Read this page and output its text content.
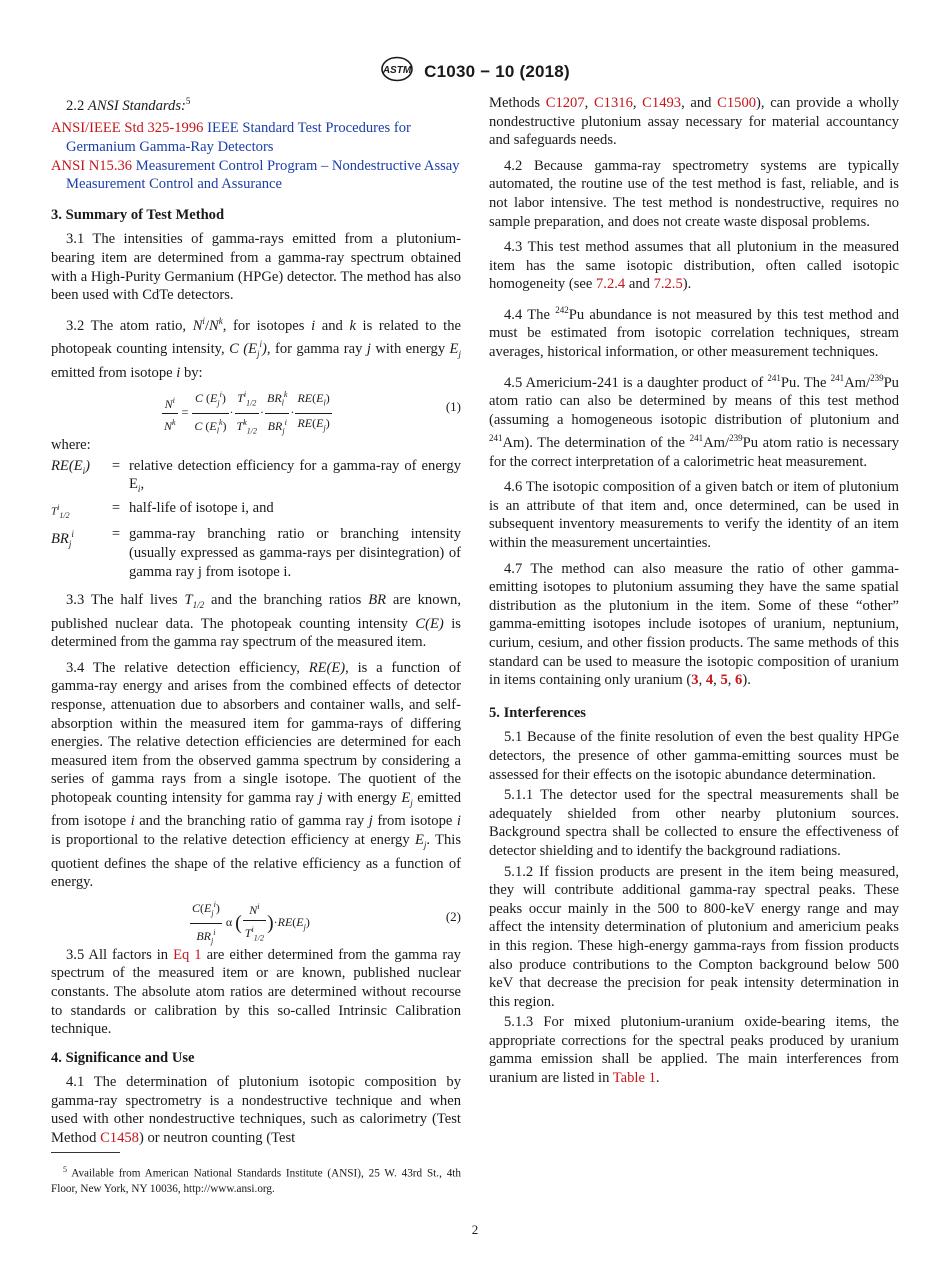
ASTM C1030 − 10 (2018)

2.2 ANSI Standards:$^5$

ANSI/IEEE Std 325-1996 IEEE Standard Test Procedures for Germanium Gamma-Ray Detectors

ANSI N15.36 Measurement Control Program – Nondestructive Assay Measurement Control and Assurance

3. Summary of Test Method

3.1 The intensities of gamma-rays emitted from a plutonium-bearing item are determined from a gamma-ray spectrum obtained with a High-Purity Germanium (HPGe) detector. The method has also been used with CdTe detectors.

3.2 The atom ratio, $N^i/N^k$, for isotopes i and k is related to the photopeak counting intensity, C $(E_j^i)$, for gamma ray j with energy $E_j$ emitted from isotope i by:

$\frac{N^i}{N^k} = \frac{C (E_j^i)}{C (E_l^k)} \cdot \frac{T^i_{1/2}}{T^k_{1/2}} \cdot \frac{BR_l^k}{BR_j^i} \cdot \frac{RE(E_l)}{RE(E_j)}$	(1)

where:

$RE(E_i)$	=	relative detection efficiency for a gamma-ray of energy $E_i$,
$T^i_{1/2}$	=	half-life of isotope i, and
$BR_j^i$	=	gamma-ray branching ratio or branching intensity (usually expressed as gamma-rays per disintegration) of gamma ray j from isotope i.

3.3 The half lives $T_{1/2}$ and the branching ratios BR are known, published nuclear data. The photopeak counting intensity C(E) is determined from the gamma ray spectrum of the measured item.

3.4 The relative detection efficiency, RE(E), is a function of gamma-ray energy and arises from the combined effects of detector response, attenuation due to absorbers and container walls, and self-absorption within the measured item for gamma-rays of differing energies. The relative detection efficiencies are determined for each measured item from the observed gamma spectrum by considering a series of gamma rays from a single isotope. The quotient of the photopeak counting intensity for gamma ray j with energy $E_j$ emitted from isotope i and the branching ratio of gamma ray j from isotope i is proportional to the relative detection efficiency at energy $E_j$. This quotient defines the shape of the relative efficiency as a function of energy.

$\frac{C(E_j^i)}{BR_j^i}$ α ( $\frac{N^i}{T^i_{1/2}} )\cdot RE(E_j)$	(2)

3.5 All factors in Eq 1 are either determined from the gamma ray spectrum of the measured item or are known, published nuclear constants. The absolute atom ratios are determined without recourse to standards or calibration by this so-called Intrinsic Calibration technique.

4. Significance and Use

4.1 The determination of plutonium isotopic composition by gamma-ray spectrometry is a nondestructive technique and when used with other nondestructive techniques, such as calorimetry (Test Method C1458) or neutron counting (Test

Methods C1207, C1316, C1493, and C1500), can provide a wholly nondestructive plutonium assay necessary for material accountancy and safeguards needs.

4.2 Because gamma-ray spectrometry systems are typically automated, the routine use of the test method is fast, reliable, and is not labor intensive. The test method is nondestructive, requires no sample preparation, and does not create waste disposal problems.

4.3 This test method assumes that all plutonium in the measured item has the same isotopic distribution, often called isotopic homogeneity (see 7.2.4 and 7.2.5).

4.4 The $^{242}$Pu abundance is not measured by this test method and must be estimated from isotopic correlation techniques, stream averages, historical information, or other measurement techniques.

4.5 Americium-241 is a daughter product of $^{241}$Pu. The $^{241}$Am/$^{239}$Pu atom ratio can also be determined by means of this test method (assuming a homogeneous isotopic distribution of plutonium and $^{241}$Am). The determination of the $^{241}$Am/$^{239}$Pu atom ratio is necessary for the correct interpretation of a calorimetric heat measurement.

4.6 The isotopic composition of a given batch or item of plutonium is an attribute of that item and, once determined, can be used in subsequent inventory measurements to verify the identity of an item within the measurement uncertainties.

4.7 The method can also measure the ratio of other gamma-emitting isotopes to plutonium assuming they have the same spatial distribution as the plutonium in the item. Some of these “other” gamma-emitting isotopes include isotopes of uranium, neptunium, curium, cesium, and other fission products. The same methods of this standard can be used to measure the isotopic composition of uranium in items containing only uranium (3, 4, 5, 6).

5. Interferences

5.1 Because of the finite resolution of even the best quality HPGe detectors, the presence of other gamma-emitting sources must be assessed for their effects on the isotopic abundance determination.

5.1.1 The detector used for the spectral measurements shall be adequately shielded from other nearby plutonium sources. Background spectra shall be collected to ensure the effectiveness of detector shielding and to identify the background radiations.

5.1.2 If fission products are present in the item being measured, they will contribute additional gamma-ray spectral peaks. These peaks occur mainly in the 500 to 800-keV energy range and may affect the intensity determination of plutonium and americium peaks in this region. These high-energy gamma-rays from fission products also produce contributions to the Compton background below 500 keV that decrease the precision for peak intensity determination in this region.

5.1.3 For mixed plutonium-uranium oxide-bearing items, the appropriate corrections for the spectral peaks produced by uranium gamma emission shall be applied. The main interferences from uranium are listed in Table 1.

$^5$ Available from American National Standards Institute (ANSI), 25 W. 43rd St., 4th Floor, New York, NY 10036, http://www.ansi.org.
2
